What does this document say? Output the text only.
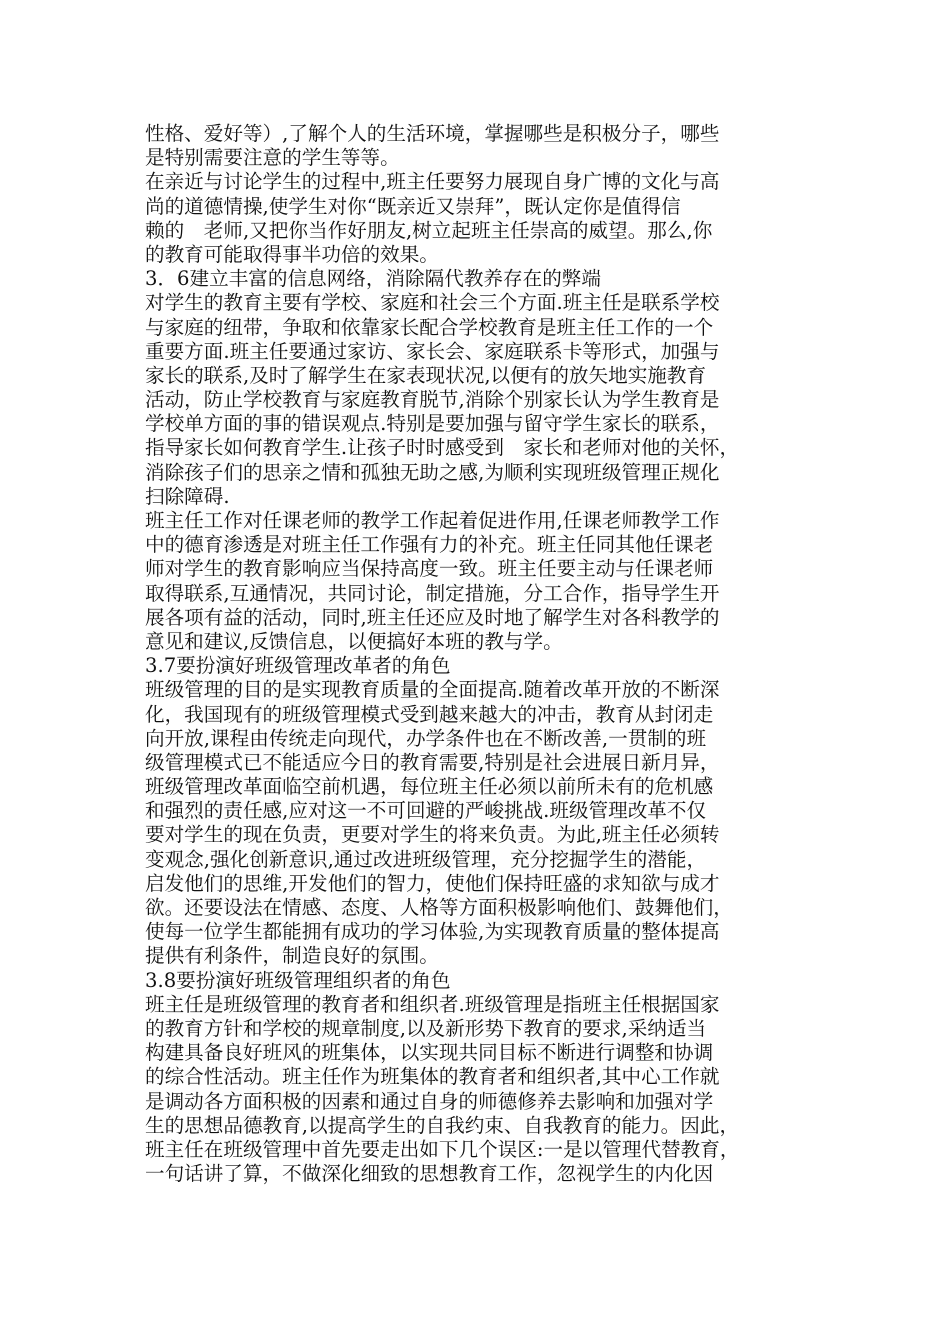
性格、爱好等）,了解个人的生活环境，掌握哪些是积极分子，哪些
是特别需要注意的学生等等。
在亲近与讨论学生的过程中,班主任要努力展现自身广博的文化与高
尚的道德情操,使学生对你“既亲近又崇拜”，既认定你是值得信
赖的　老师,又把你当作好朋友,树立起班主任崇高的威望。那么,你
的教育可能取得事半功倍的效果。
3．6建立丰富的信息网络，消除隔代教养存在的弊端
对学生的教育主要有学校、家庭和社会三个方面.班主任是联系学校
与家庭的纽带，争取和依靠家长配合学校教育是班主任工作的一个
重要方面.班主任要通过家访、家长会、家庭联系卡等形式，加强与
家长的联系,及时了解学生在家表现状况,以便有的放矢地实施教育
活动，防止学校教育与家庭教育脱节,消除个别家长认为学生教育是
学校单方面的事的错误观点.特别是要加强与留守学生家长的联系，
指导家长如何教育学生.让孩子时时感受到　家长和老师对他的关怀，
消除孩子们的思亲之情和孤独无助之感,为顺利实现班级管理正规化
扫除障碍.
班主任工作对任课老师的教学工作起着促进作用,任课老师教学工作
中的德育渗透是对班主任工作强有力的补充。班主任同其他任课老
师对学生的教育影响应当保持高度一致。班主任要主动与任课老师
取得联系,互通情况，共同讨论，制定措施，分工合作，指导学生开
展各项有益的活动，同时,班主任还应及时地了解学生对各科教学的
意见和建议,反馈信息，以便搞好本班的教与学。
3.7要扮演好班级管理改革者的角色
班级管理的目的是实现教育质量的全面提高.随着改革开放的不断深
化，我国现有的班级管理模式受到越来越大的冲击，教育从封闭走
向开放,课程由传统走向现代，办学条件也在不断改善,一贯制的班
级管理模式已不能适应今日的教育需要,特别是社会进展日新月异，
班级管理改革面临空前机遇，每位班主任必须以前所未有的危机感
和强烈的责任感,应对这一不可回避的严峻挑战.班级管理改革不仅
要对学生的现在负责，更要对学生的将来负责。为此,班主任必须转
变观念,强化创新意识,通过改进班级管理，充分挖掘学生的潜能，
启发他们的思维,开发他们的智力，使他们保持旺盛的求知欲与成才
欲。还要设法在情感、态度、人格等方面积极影响他们、鼓舞他们，
使每一位学生都能拥有成功的学习体验,为实现教育质量的整体提高
提供有利条件，制造良好的氛围。
3.8要扮演好班级管理组织者的角色
班主任是班级管理的教育者和组织者.班级管理是指班主任根据国家
的教育方针和学校的规章制度,以及新形势下教育的要求,采纳适当
构建具备良好班风的班集体，以实现共同目标不断进行调整和协调
的综合性活动。班主任作为班集体的教育者和组织者,其中心工作就
是调动各方面积极的因素和通过自身的师德修养去影响和加强对学
生的思想品德教育,以提高学生的自我约束、自我教育的能力。因此，
班主任在班级管理中首先要走出如下几个误区:一是以管理代替教育，
一句话讲了算，不做深化细致的思想教育工作，忽视学生的内化因
